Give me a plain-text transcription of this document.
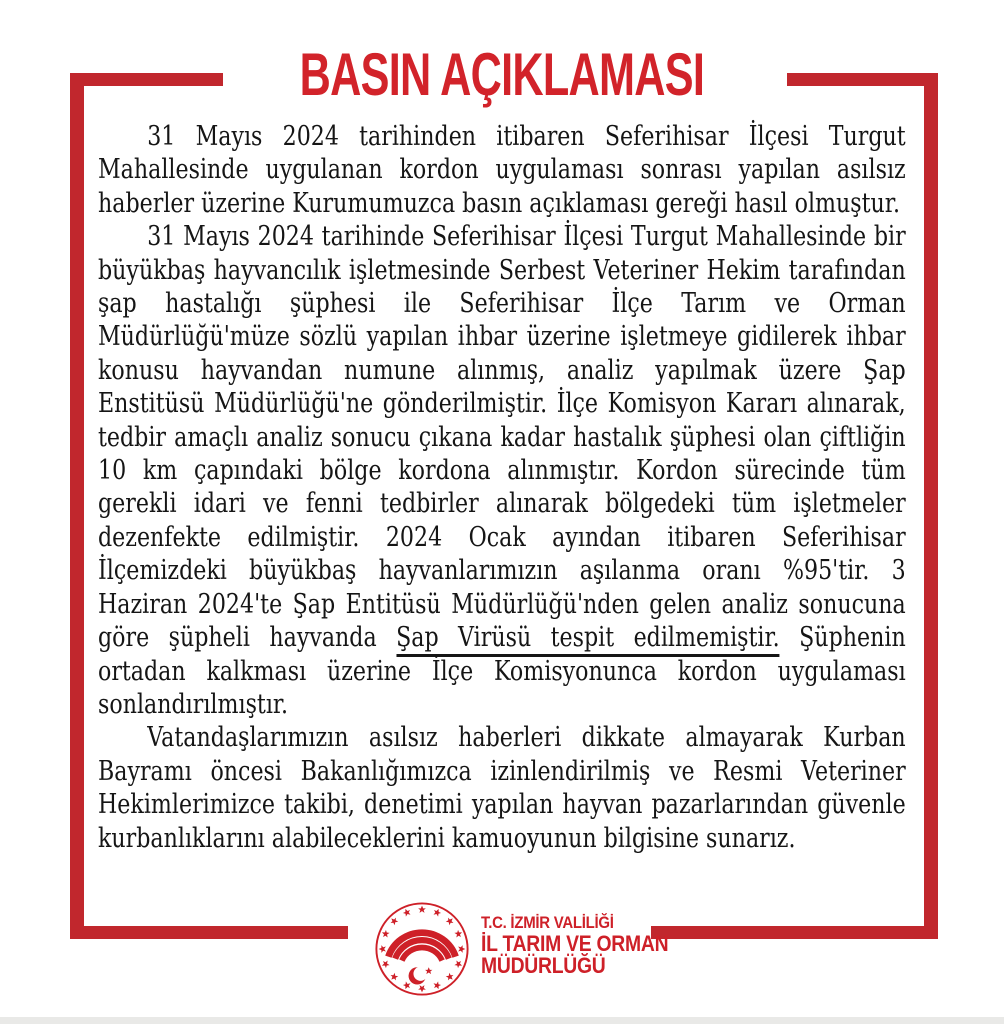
BASIN AÇIKLAMASI

31 Mayıs 2024 tarihinden itibaren Seferihisar İlçesi Turgut Mahallesinde uygulanan kordon uygulaması sonrası yapılan asılsız haberler üzerine Kurumumuzca basın açıklaması gereği hasıl olmuştur.

31 Mayıs 2024 tarihinde Seferihisar İlçesi Turgut Mahallesinde bir büyükbaş hayvancılık işletmesinde Serbest Veteriner Hekim tarafından şap hastalığı şüphesi ile Seferihisar İlçe Tarım ve Orman Müdürlüğü'müze sözlü yapılan ihbar üzerine işletmeye gidilerek ihbar konusu hayvandan numune alınmış, analiz yapılmak üzere Şap Enstitüsü Müdürlüğü'ne gönderilmiştir. İlçe Komisyon Kararı alınarak, tedbir amaçlı analiz sonucu çıkana kadar hastalık şüphesi olan çiftliğin 10 km çapındaki bölge kordona alınmıştır. Kordon sürecinde tüm gerekli idari ve fenni tedbirler alınarak bölgedeki tüm işletmeler dezenfekte edilmiştir. 2024 Ocak ayından itibaren Seferihisar İlçemizdeki büyükbaş hayvanlarımızın aşılanma oranı %95'tir. 3 Haziran 2024'te Şap Entitüsü Müdürlüğü'nden gelen analiz sonucuna göre şüpheli hayvanda Şap Virüsü tespit edilmemiştir. Şüphenin ortadan kalkması üzerine İlçe Komisyonunca kordon uygulaması sonlandırılmıştır.

Vatandaşlarımızın asılsız haberleri dikkate almayarak Kurban Bayramı öncesi Bakanlığımızca izinlendirilmiş ve Resmi Veteriner Hekimlerimizce takibi, denetimi yapılan hayvan pazarlarından güvenle kurbanlıklarını alabileceklerini kamuoyunun bilgisine sunarız.

T.C. İZMİR VALİLİĞİ
İL TARIM VE ORMAN
MÜDÜRLÜĞÜ
